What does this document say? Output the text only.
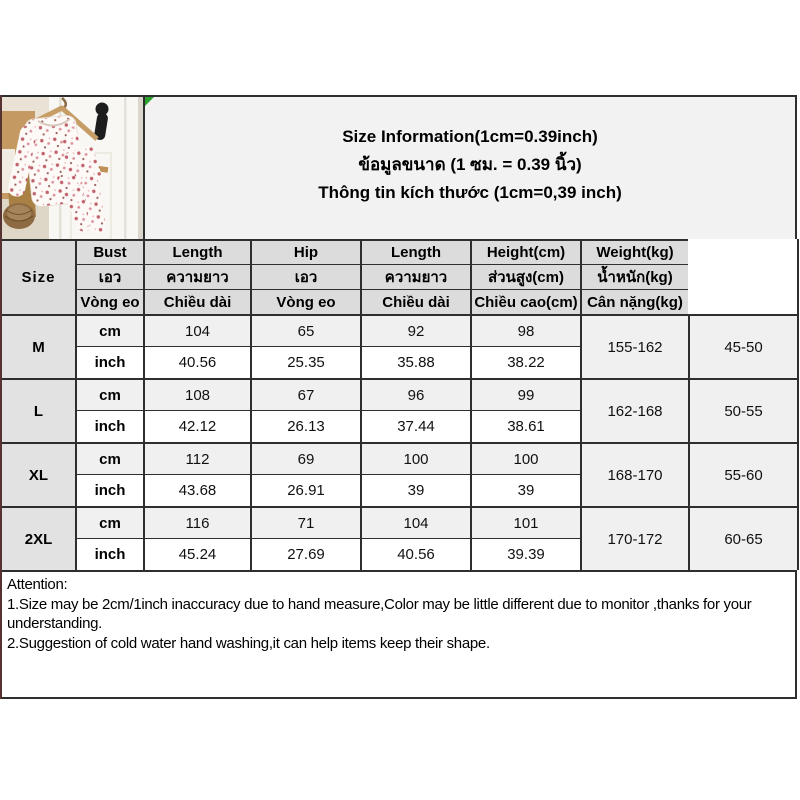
Size Information(1cm=0.39inch)
ข้อมูลขนาด (1 ซม. = 0.39 นิ้ว)
Thông tin kích thước (1cm=0,39 inch)
Size	Bust	Length	Hip	Length	Height(cm)	Weight(kg)	
	เอว	ความยาว	เอว	ความยาว	ส่วนสูง(cm)	น้ำหนัก(kg)	
	Vòng eo	Chiều dài	Vòng eo	Chiều dài	Chiều cao(cm)	Cân nặng(kg)	
M	cm	104	65	92	98	155-162	45-50
	inch	40.56	25.35	35.88	38.22		
L	cm	108	67	96	99	162-168	50-55
	inch	42.12	26.13	37.44	38.61		
XL	cm	112	69	100	100	168-170	55-60
	inch	43.68	26.91	39	39		
2XL	cm	116	71	104	101	170-172	60-65
	inch	45.24	27.69	40.56	39.39		
Attention:
1.Size may be 2cm/1inch inaccuracy due to hand measure,Color may be little different due to monitor ,thanks for your understanding.
2.Suggestion of cold water hand washing,it can help items keep their shape.
